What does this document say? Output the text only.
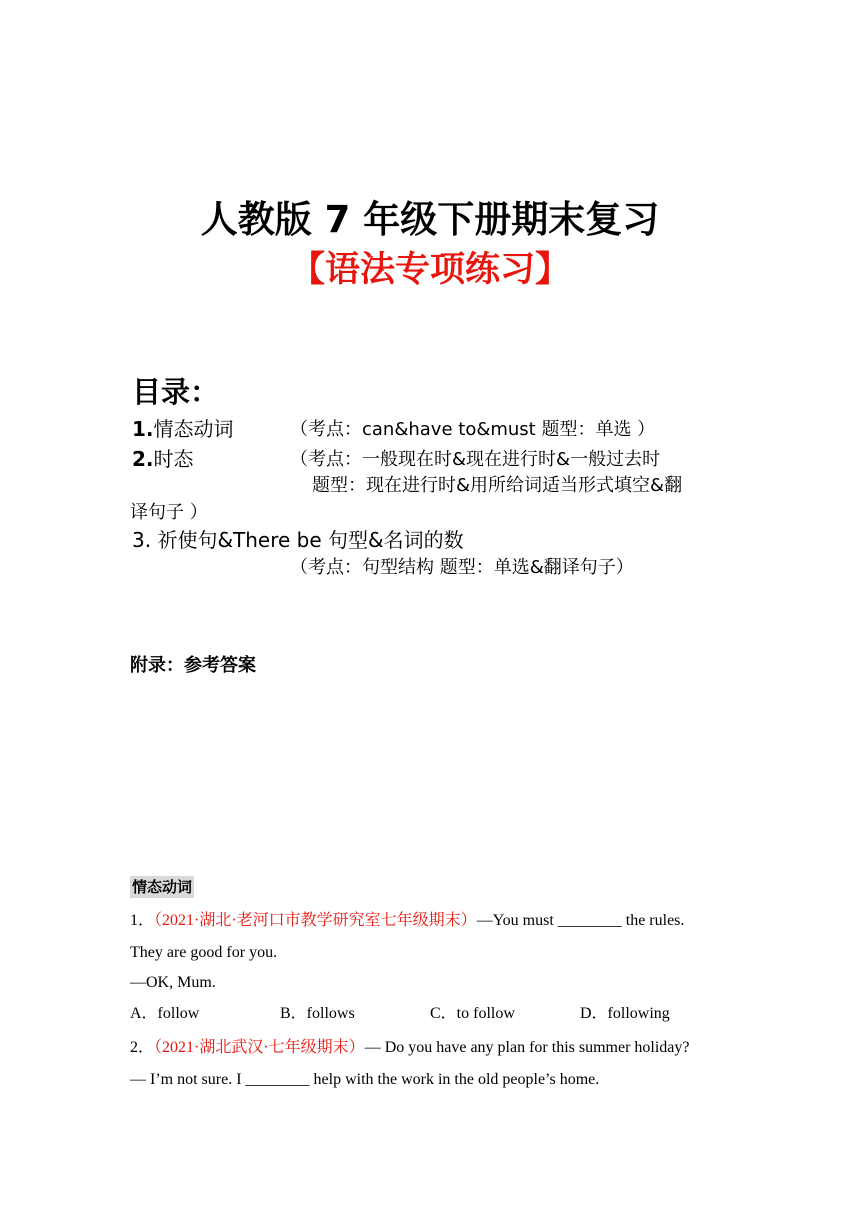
人教版 7 年级下册期末复习
【语法专项练习】
目录：
1.情态动词	（考点：can&have to&must 题型：单选 ）
2.时态	（考点：一般现在时&现在进行时&一般过去时
题型：现在进行时&用所给词适当形式填空&翻
译句子 ）
3. 祈使句&There be 句型&名词的数
（考点：句型结构 题型：单选&翻译句子）
附录：参考答案
情态动词
1．（2021·湖北·老河口市教学研究室七年级期末）—You must ________ the rules.
They are good for you.
—OK, Mum.
A．follow	B．follows	C．to follow	D．following
2．（2021·湖北武汉·七年级期末）— Do you have any plan for this summer holiday?
— I’m not sure. I ________ help with the work in the old people’s home.
